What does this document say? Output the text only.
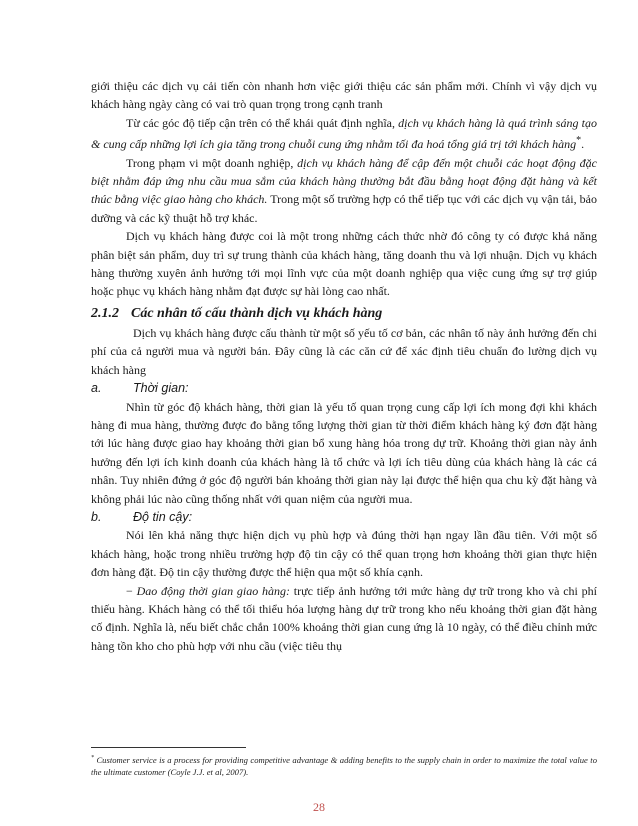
giới thiệu các dịch vụ cải tiến còn nhanh hơn việc giới thiệu các sản phẩm mới. Chính vì vậy dịch vụ khách hàng ngày càng có vai trò quan trọng trong cạnh tranh

Từ các góc độ tiếp cận trên có thể khái quát định nghĩa, dịch vụ khách hàng là quá trình sáng tạo & cung cấp những lợi ích gia tăng trong chuỗi cung ứng nhằm tối đa hoá tổng giá trị tới khách hàng*.

Trong phạm vi một doanh nghiệp, dịch vụ khách hàng để cập đến một chuỗi các hoạt động đặc biệt nhằm đáp ứng nhu cầu mua sắm của khách hàng thường bắt đầu bằng hoạt động đặt hàng và kết thúc bằng việc giao hàng cho khách. Trong một số trường hợp có thể tiếp tục với các dịch vụ vận tải, bảo dưỡng và các kỹ thuật hỗ trợ khác.

Dịch vụ khách hàng được coi là một trong những cách thức nhờ đó công ty có được khả năng phân biệt sản phẩm, duy trì sự trung thành của khách hàng, tăng doanh thu và lợi nhuận. Dịch vụ khách hàng thường xuyên ảnh hưởng tới mọi lĩnh vực của một doanh nghiệp qua việc cung ứng sự trợ giúp hoặc phục vụ khách hàng nhằm đạt được sự hài lòng cao nhất.

2.1.2 Các nhân tố cấu thành dịch vụ khách hàng

Dịch vụ khách hàng được cấu thành từ một số yếu tố cơ bản, các nhân tố này ảnh hưởng đến chi phí của cả người mua và người bán. Đây cũng là các căn cứ để xác định tiêu chuẩn đo lường dịch vụ khách hàng

a.	Thời gian:

Nhìn từ góc độ khách hàng, thời gian là yếu tố quan trọng cung cấp lợi ích mong đợi khi khách hàng đi mua hàng, thường được đo bằng tổng lượng thời gian từ thời điểm khách hàng ký đơn đặt hàng tới lúc hàng được giao hay khoảng thời gian bổ xung hàng hóa trong dự trữ. Khoảng thời gian này ảnh hưởng đến lợi ích kinh doanh của khách hàng là tổ chức và lợi ích tiêu dùng của khách hàng là các cá nhân. Tuy nhiên đứng ở góc độ người bán khoảng thời gian này lại được thể hiện qua chu kỳ đặt hàng và không phải lúc nào cũng thống nhất với quan niệm của người mua.

b.	Độ tin cậy:

Nói lên khả năng thực hiện dịch vụ phù hợp và đúng thời hạn ngay lần đầu tiên. Với một số khách hàng, hoặc trong nhiều trường hợp độ tin cậy có thể quan trọng hơn khoảng thời gian thực hiện đơn hàng đặt. Độ tin cậy thường được thể hiện qua một số khía cạnh.

− Dao động thời gian giao hàng: trực tiếp ảnh hưởng tới mức hàng dự trữ trong kho và chi phí thiếu hàng. Khách hàng có thể tối thiểu hóa lượng hàng dự trữ trong kho nếu khoảng thời gian đặt hàng cố định. Nghĩa là, nếu biết chắc chắn 100% khoảng thời gian cung ứng là 10 ngày, có thể điều chỉnh mức hàng tồn kho cho phù hợp với nhu cầu (việc tiêu thụ

* Customer service is a process for providing competitive advantage & adding benefits to the supply chain in order to maximize the total value to the ultimate customer (Coyle J.J. et al, 2007).
28
